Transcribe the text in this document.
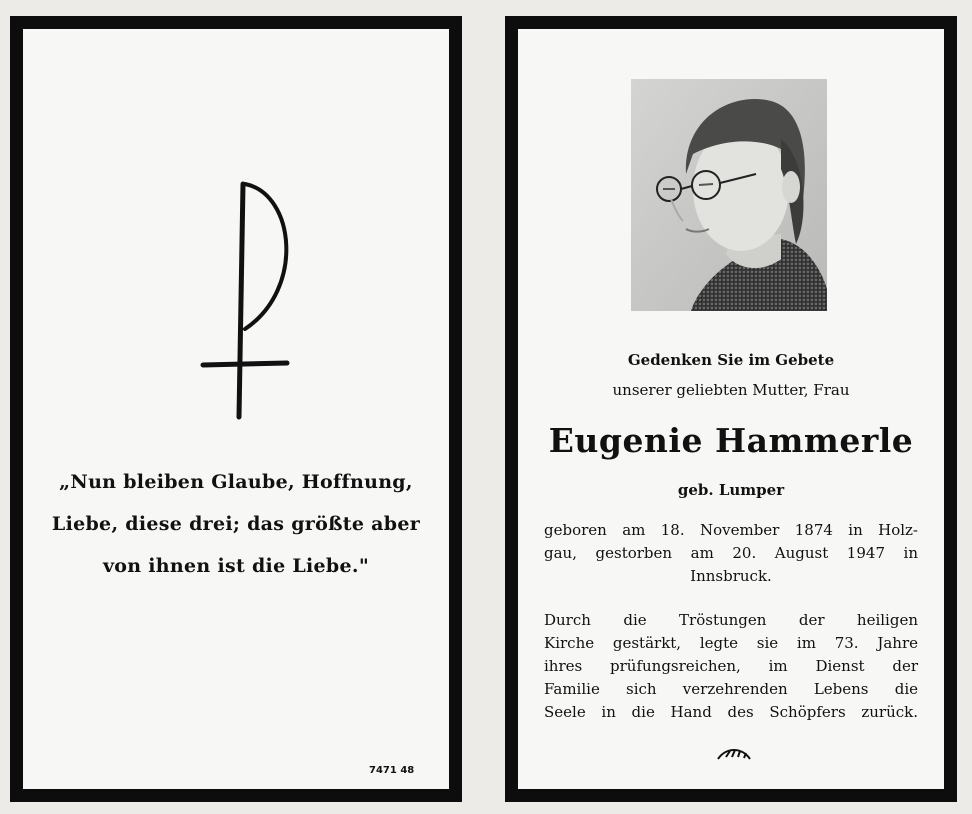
„Nun bleiben Glaube, Hoffnung,
Liebe, diese drei; das größte aber
von ihnen ist die Liebe."
7471 48
Gedenken Sie im Gebete
unserer geliebten Mutter, Frau
Eugenie Hammerle
geb. Lumper
geboren am 18. November 1874 in Holz-
gau, gestorben am 20. August 1947 in
Innsbruck.
Durch die Tröstungen der heiligen
Kirche gestärkt, legte sie im 73. Jahre
ihres prüfungsreichen, im Dienst der
Familie sich verzehrenden Lebens die
Seele in die Hand des Schöpfers zurück.
